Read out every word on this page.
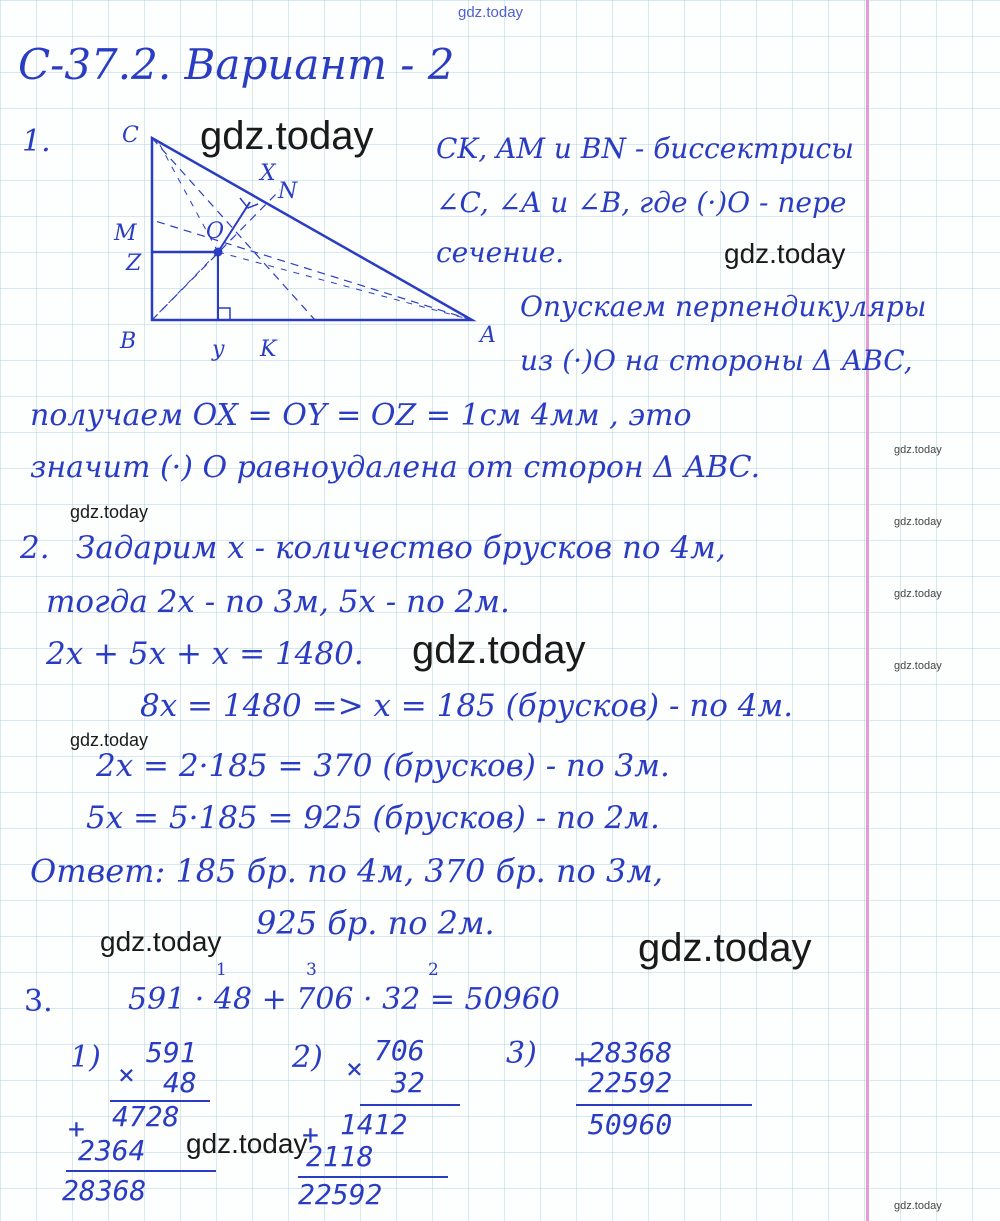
gdz.today
С-37.2. Вариант - 2
1.	C
X
N
O
M
Z
B	y K
A
gdz.today CK, AM и BN - биссектрисы
∠C, ∠A и ∠B, где (·)О - пере
сечение.	gdz.today
Опускаем перпендикуляры
из (·)О на стороны Δ ABC,
получаем OX = OY = OZ = 1см 4мм , это
значит (·) О равноудалена от сторон Δ ABC.	gdz.today
gdz.today	gdz.today
2. Задарим x - количество брусков по 4м,
тогда 2x - по 3м, 5x - по 2м.	gdz.today
2x + 5x + x = 1480. gdz.today	gdz.today
8x = 1480 => x = 185 (брусков) - по 4м.
gdz.today
2x = 2·185 = 370 (брусков) - по 3м.
5x = 5·185 = 925 (брусков) - по 2м.
Ответ: 185 бр. по 4м, 370 бр. по 3м,
925 бр. по 2м.
gdz.today	gdz.today
3.	591 · 48 + 706 · 32 = 50960
1	3	2
1) ×
591
48
+ 4728
2364
28368
gdz.today
2) ×
706
32
+ 1412
2118
22592
3) +
28368
22592
50960
gdz.today
